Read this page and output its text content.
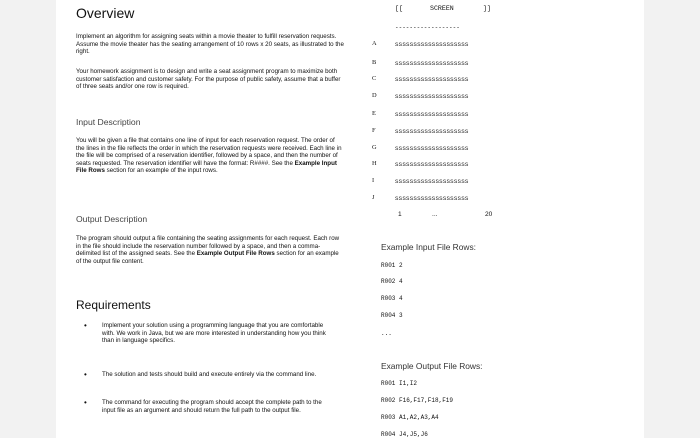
Overview
Implement an algorithm for assigning seats within a movie theater to fulfill reservation requests. Assume the movie theater has the seating arrangement of 10 rows x 20 seats, as illustrated to the right.
Your homework assignment is to design and write a seat assignment program to maximize both customer satisfaction and customer safety. For the purpose of public safety, assume that a buffer of three seats and/or one row is required.
Input Description
You will be given a file that contains one line of input for each reservation request. The order of the lines in the file reflects the order in which the reservation requests were received. Each line in the file will be comprised of a reservation identifier, followed by a space, and then the number of seats requested. The reservation identifier will have the format: R####. See the Example Input File Rows section for an example of the input rows.
Output Description
The program should output a file containing the seating assignments for each request. Each row in the file should include the reservation number followed by a space, and then a comma-delimited list of the assigned seats. See the Example Output File Rows section for an example of the output file content.
Requirements
• Implement your solution using a programming language that you are comfortable with. We work in Java, but we are more interested in understanding how you think than in language specifics.
• The solution and tests should build and execute entirely via the command line.
• The command for executing the program should accept the complete path to the input file as an argument and should return the full path to the output file.
[[	SCREEN	]]
------------------
A	SSSSSSSSSSSSSSSSSSSS
B	SSSSSSSSSSSSSSSSSSSS
C	SSSSSSSSSSSSSSSSSSSS
D	SSSSSSSSSSSSSSSSSSSS
E	SSSSSSSSSSSSSSSSSSSS
F	SSSSSSSSSSSSSSSSSSSS
G	SSSSSSSSSSSSSSSSSSSS
H	SSSSSSSSSSSSSSSSSSSS
I	SSSSSSSSSSSSSSSSSSSS
J	SSSSSSSSSSSSSSSSSSSS
1	...	20
Example Input File Rows:
R001 2
R002 4
R003 4
R004 3
...
Example Output File Rows:
R001 I1,I2
R002 F16,F17,F18,F19
R003 A1,A2,A3,A4
R004 J4,J5,J6
